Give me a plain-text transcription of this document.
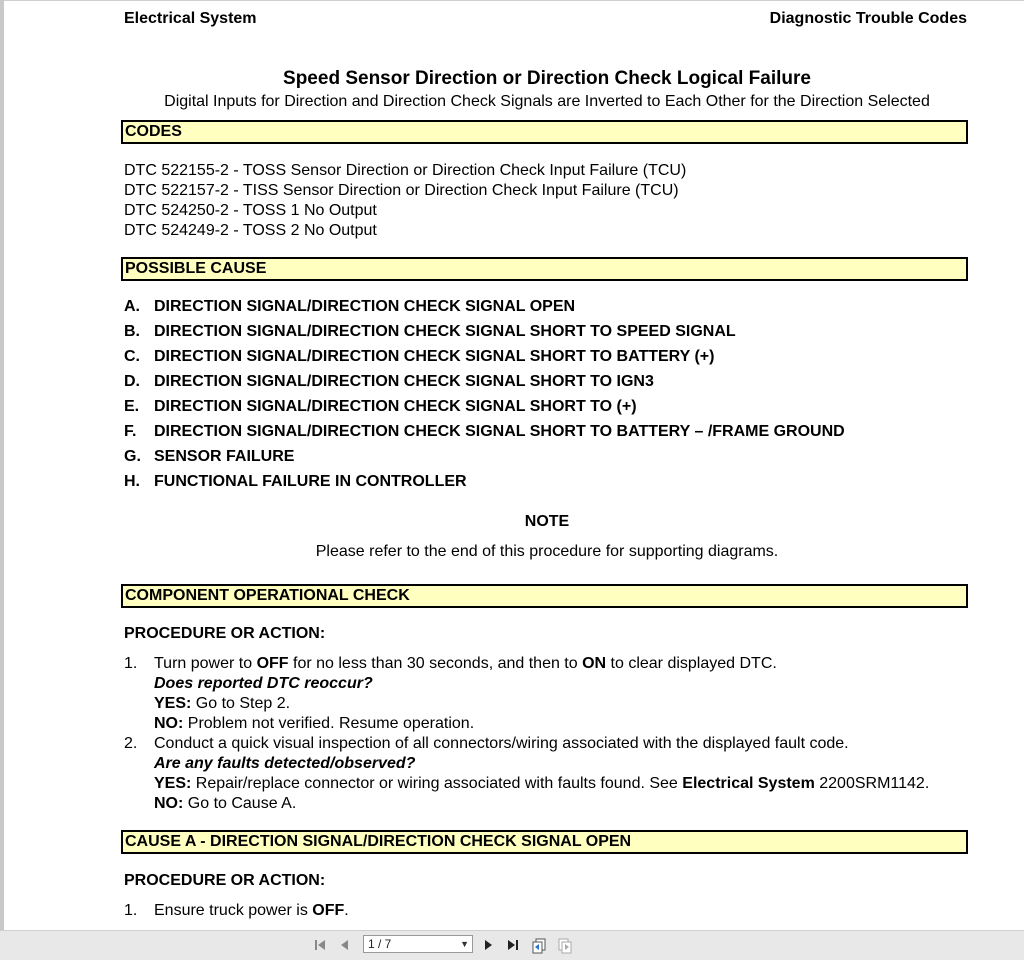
Electrical System	Diagnostic Trouble Codes
Speed Sensor Direction or Direction Check Logical Failure
Digital Inputs for Direction and Direction Check Signals are Inverted to Each Other for the Direction Selected
CODES
DTC 522155-2 - TOSS Sensor Direction or Direction Check Input Failure (TCU)
DTC 522157-2 - TISS Sensor Direction or Direction Check Input Failure (TCU)
DTC 524250-2 - TOSS 1 No Output
DTC 524249-2 - TOSS 2 No Output
POSSIBLE CAUSE
A. DIRECTION SIGNAL/DIRECTION CHECK SIGNAL OPEN
B. DIRECTION SIGNAL/DIRECTION CHECK SIGNAL SHORT TO SPEED SIGNAL
C. DIRECTION SIGNAL/DIRECTION CHECK SIGNAL SHORT TO BATTERY (+)
D. DIRECTION SIGNAL/DIRECTION CHECK SIGNAL SHORT TO IGN3
E. DIRECTION SIGNAL/DIRECTION CHECK SIGNAL SHORT TO (+)
F. DIRECTION SIGNAL/DIRECTION CHECK SIGNAL SHORT TO BATTERY – /FRAME GROUND
G. SENSOR FAILURE
H. FUNCTIONAL FAILURE IN CONTROLLER
NOTE
Please refer to the end of this procedure for supporting diagrams.
COMPONENT OPERATIONAL CHECK
PROCEDURE OR ACTION:
1. Turn power to OFF for no less than 30 seconds, and then to ON to clear displayed DTC.
Does reported DTC reoccur?
YES: Go to Step 2.
NO: Problem not verified. Resume operation.
2. Conduct a quick visual inspection of all connectors/wiring associated with the displayed fault code.
Are any faults detected/observed?
YES: Repair/replace connector or wiring associated with faults found. See Electrical System 2200SRM1142.
NO: Go to Cause A.
CAUSE A - DIRECTION SIGNAL/DIRECTION CHECK SIGNAL OPEN
PROCEDURE OR ACTION:
1. Ensure truck power is OFF.
1 / 7	▼
